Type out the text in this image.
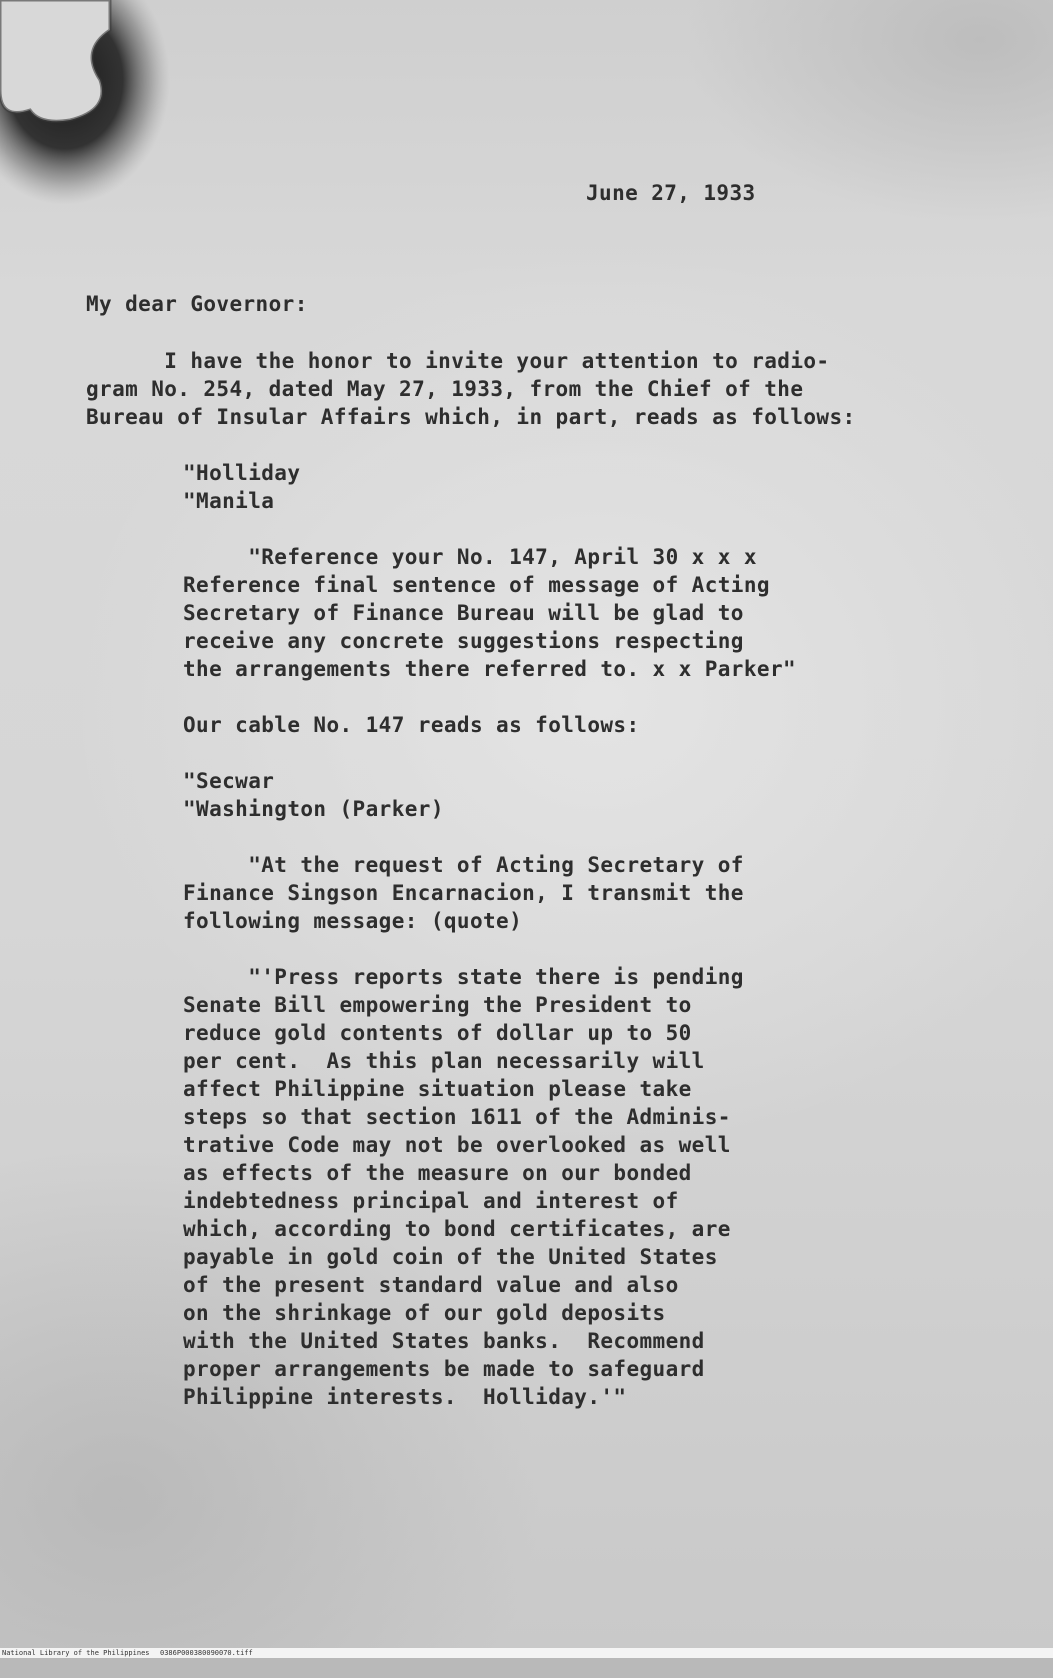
June 27, 1933

My dear Governor:

I have the honor to invite your attention to radio-

gram No. 254, dated May 27, 1933, from the Chief of the

Bureau of Insular Affairs which, in part, reads as follows:

"Holliday

"Manila

"Reference your No. 147, April 30 x x x

Reference final sentence of message of Acting

Secretary of Finance Bureau will be glad to

receive any concrete suggestions respecting

the arrangements there referred to. x x Parker"

Our cable No. 147 reads as follows:

"Secwar

"Washington (Parker)

"At the request of Acting Secretary of

Finance Singson Encarnacion, I transmit the

following message: (quote)

"'Press reports state there is pending

Senate Bill empowering the President to

reduce gold contents of dollar up to 50

per cent.  As this plan necessarily will

affect Philippine situation please take

steps so that section 1611 of the Adminis-

trative Code may not be overlooked as well

as effects of the measure on our bonded

indebtedness principal and interest of

which, according to bond certificates, are

payable in gold coin of the United States

of the present standard value and also

on the shrinkage of our gold deposits

with the United States banks.  Recommend

proper arrangements be made to safeguard

Philippine interests.  Holliday.'"

National Library of the Philippines

0386P000380090070.tiff
